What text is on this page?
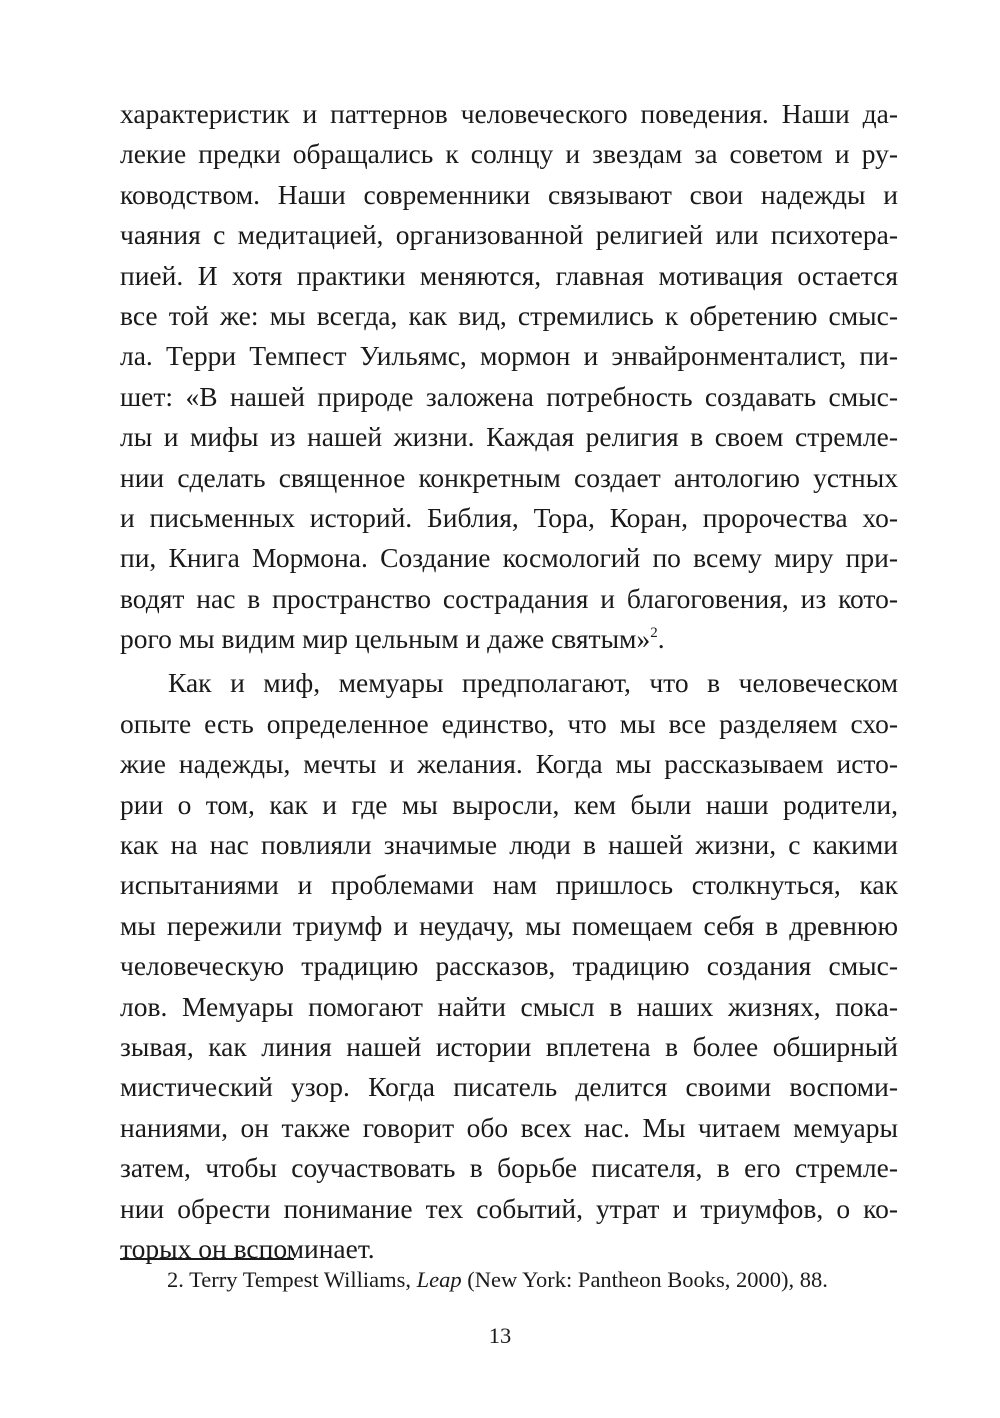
характеристик и паттернов человеческого поведения. Наши да-
лекие предки обращались к солнцу и звездам за советом и ру-
ководством. Наши современники связывают свои надежды и
чаяния с медитацией, организованной религией или психотера-
пией. И хотя практики меняются, главная мотивация остается
все той же: мы всегда, как вид, стремились к обретению смыс-
ла. Терри Темпест Уильямс, мормон и энвайронменталист, пи-
шет: «В нашей природе заложена потребность создавать смыс-
лы и мифы из нашей жизни. Каждая религия в своем стремле-
нии сделать священное конкретным создает антологию устных
и письменных историй. Библия, Тора, Коран, пророчества хо-
пи, Книга Мормона. Создание космологий по всему миру при-
водят нас в пространство сострадания и благоговения, из кото-
рого мы видим мир цельным и даже святым»$^2$.
Как и миф, мемуары предполагают, что в человеческом
опыте есть определенное единство, что мы все разделяем схо-
жие надежды, мечты и желания. Когда мы рассказываем исто-
рии о том, как и где мы выросли, кем были наши родители,
как на нас повлияли значимые люди в нашей жизни, с какими
испытаниями и проблемами нам пришлось столкнуться, как
мы пережили триумф и неудачу, мы помещаем себя в древнюю
человеческую традицию рассказов, традицию создания смыс-
лов. Мемуары помогают найти смысл в наших жизнях, пока-
зывая, как линия нашей истории вплетена в более обширный
мистический узор. Когда писатель делится своими воспоми-
наниями, он также говорит обо всех нас. Мы читаем мемуары
затем, чтобы соучаствовать в борьбе писателя, в его стремле-
нии обрести понимание тех событий, утрат и триумфов, о ко-
торых он вспоминает.
2. Terry Tempest Williams, Leap (New York: Pantheon Books, 2000), 88.
13
